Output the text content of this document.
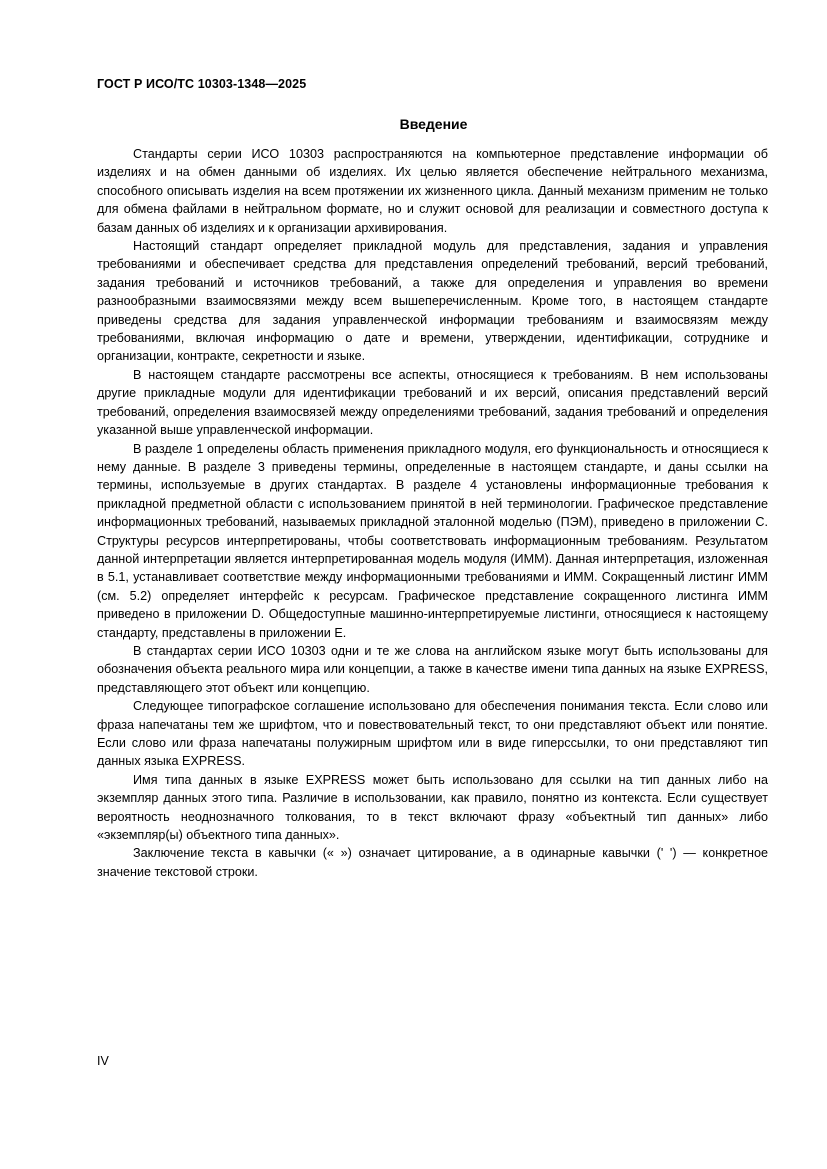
ГОСТ Р ИСО/ТС 10303-1348—2025
Введение

Стандарты серии ИСО 10303 распространяются на компьютерное представление информации об изделиях и на обмен данными об изделиях. Их целью является обеспечение нейтрального механизма, способного описывать изделия на всем протяжении их жизненного цикла. Данный механизм применим не только для обмена файлами в нейтральном формате, но и служит основой для реализации и совместного доступа к базам данных об изделиях и к организации архивирования.

Настоящий стандарт определяет прикладной модуль для представления, задания и управления требованиями и обеспечивает средства для представления определений требований, версий требований, задания требований и источников требований, а также для определения и управления во времени разнообразными взаимосвязями между всем вышеперечисленным. Кроме того, в настоящем стандарте приведены средства для задания управленческой информации требованиям и взаимосвязям между требованиями, включая информацию о дате и времени, утверждении, идентификации, сотруднике и организации, контракте, секретности и языке.

В настоящем стандарте рассмотрены все аспекты, относящиеся к требованиям. В нем использованы другие прикладные модули для идентификации требований и их версий, описания представлений версий требований, определения взаимосвязей между определениями требований, задания требований и определения указанной выше управленческой информации.

В разделе 1 определены область применения прикладного модуля, его функциональность и относящиеся к нему данные. В разделе 3 приведены термины, определенные в настоящем стандарте, и даны ссылки на термины, используемые в других стандартах. В разделе 4 установлены информационные требования к прикладной предметной области с использованием принятой в ней терминологии. Графическое представление информационных требований, называемых прикладной эталонной моделью (ПЭМ), приведено в приложении С. Структуры ресурсов интерпретированы, чтобы соответствовать информационным требованиям. Результатом данной интерпретации является интерпретированная модель модуля (ИММ). Данная интерпретация, изложенная в 5.1, устанавливает соответствие между информационными требованиями и ИММ. Сокращенный листинг ИММ (см. 5.2) определяет интерфейс к ресурсам. Графическое представление сокращенного листинга ИММ приведено в приложении D. Общедоступные машинно-интерпретируемые листинги, относящиеся к настоящему стандарту, представлены в приложении Е.

В стандартах серии ИСО 10303 одни и те же слова на английском языке могут быть использованы для обозначения объекта реального мира или концепции, а также в качестве имени типа данных на языке EXPRESS, представляющего этот объект или концепцию.

Следующее типографское соглашение использовано для обеспечения понимания текста. Если слово или фраза напечатаны тем же шрифтом, что и повествовательный текст, то они представляют объект или понятие. Если слово или фраза напечатаны полужирным шрифтом или в виде гиперссылки, то они представляют тип данных языка EXPRESS.

Имя типа данных в языке EXPRESS может быть использовано для ссылки на тип данных либо на экземпляр данных этого типа. Различие в использовании, как правило, понятно из контекста. Если существует вероятность неоднозначного толкования, то в текст включают фразу «объектный тип данных» либо «экземпляр(ы) объектного типа данных».

Заключение текста в кавычки (« ») означает цитирование, а в одинарные кавычки (' ') — конкретное значение текстовой строки.

IV
